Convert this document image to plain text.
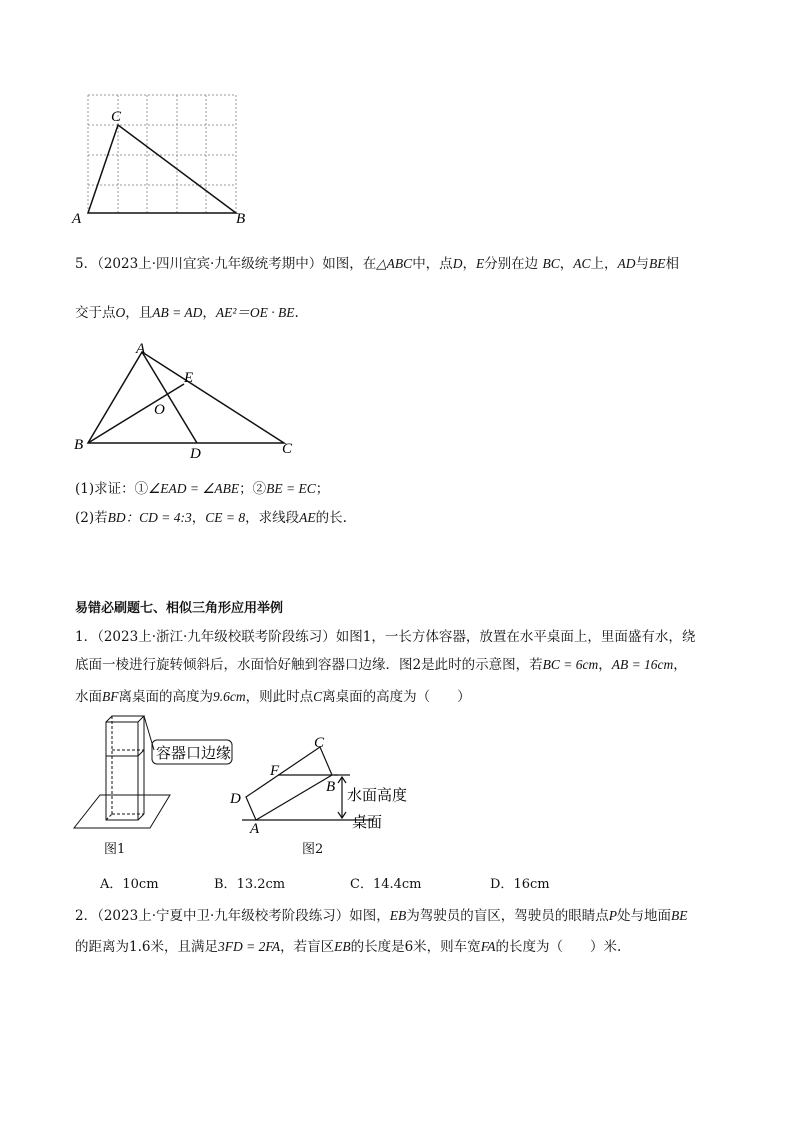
C
A	B
5．（2023上·四川宜宾·九年级统考期中）如图，在△ABC中，点D，E分别在边 BC，AC上，AD与BE相
交于点O，且AB = AD，AE²＝OE · BE.
A
E
O
B
D	C
(1)求证：①∠EAD = ∠ABE；②BE = EC；
(2)若BD：CD = 4:3，CE = 8，求线段AE的长.
易错必刷题七、相似三角形应用举例
1．（2023上·浙江·九年级校联考阶段练习）如图1，一长方体容器，放置在水平桌面上，里面盛有水，绕
底面一棱进行旋转倾斜后，水面恰好触到容器口边缘．图2是此时的示意图，若BC = 6cm，AB = 16cm，
水面BF离桌面的高度为9.6cm，则此时点C离桌面的高度为（　　）
容器口边缘
图1
C
F
B
D
A
水面高度
桌面
图2
A．10cm	B．13.2cm	C．14.4cm	D．16cm
2．（2023上·宁夏中卫·九年级校考阶段练习）如图，EB为驾驶员的盲区，驾驶员的眼睛点P处与地面BE
的距离为1.6米，且满足3FD = 2FA，若盲区EB的长度是6米，则车宽FA的长度为（　　）米.
